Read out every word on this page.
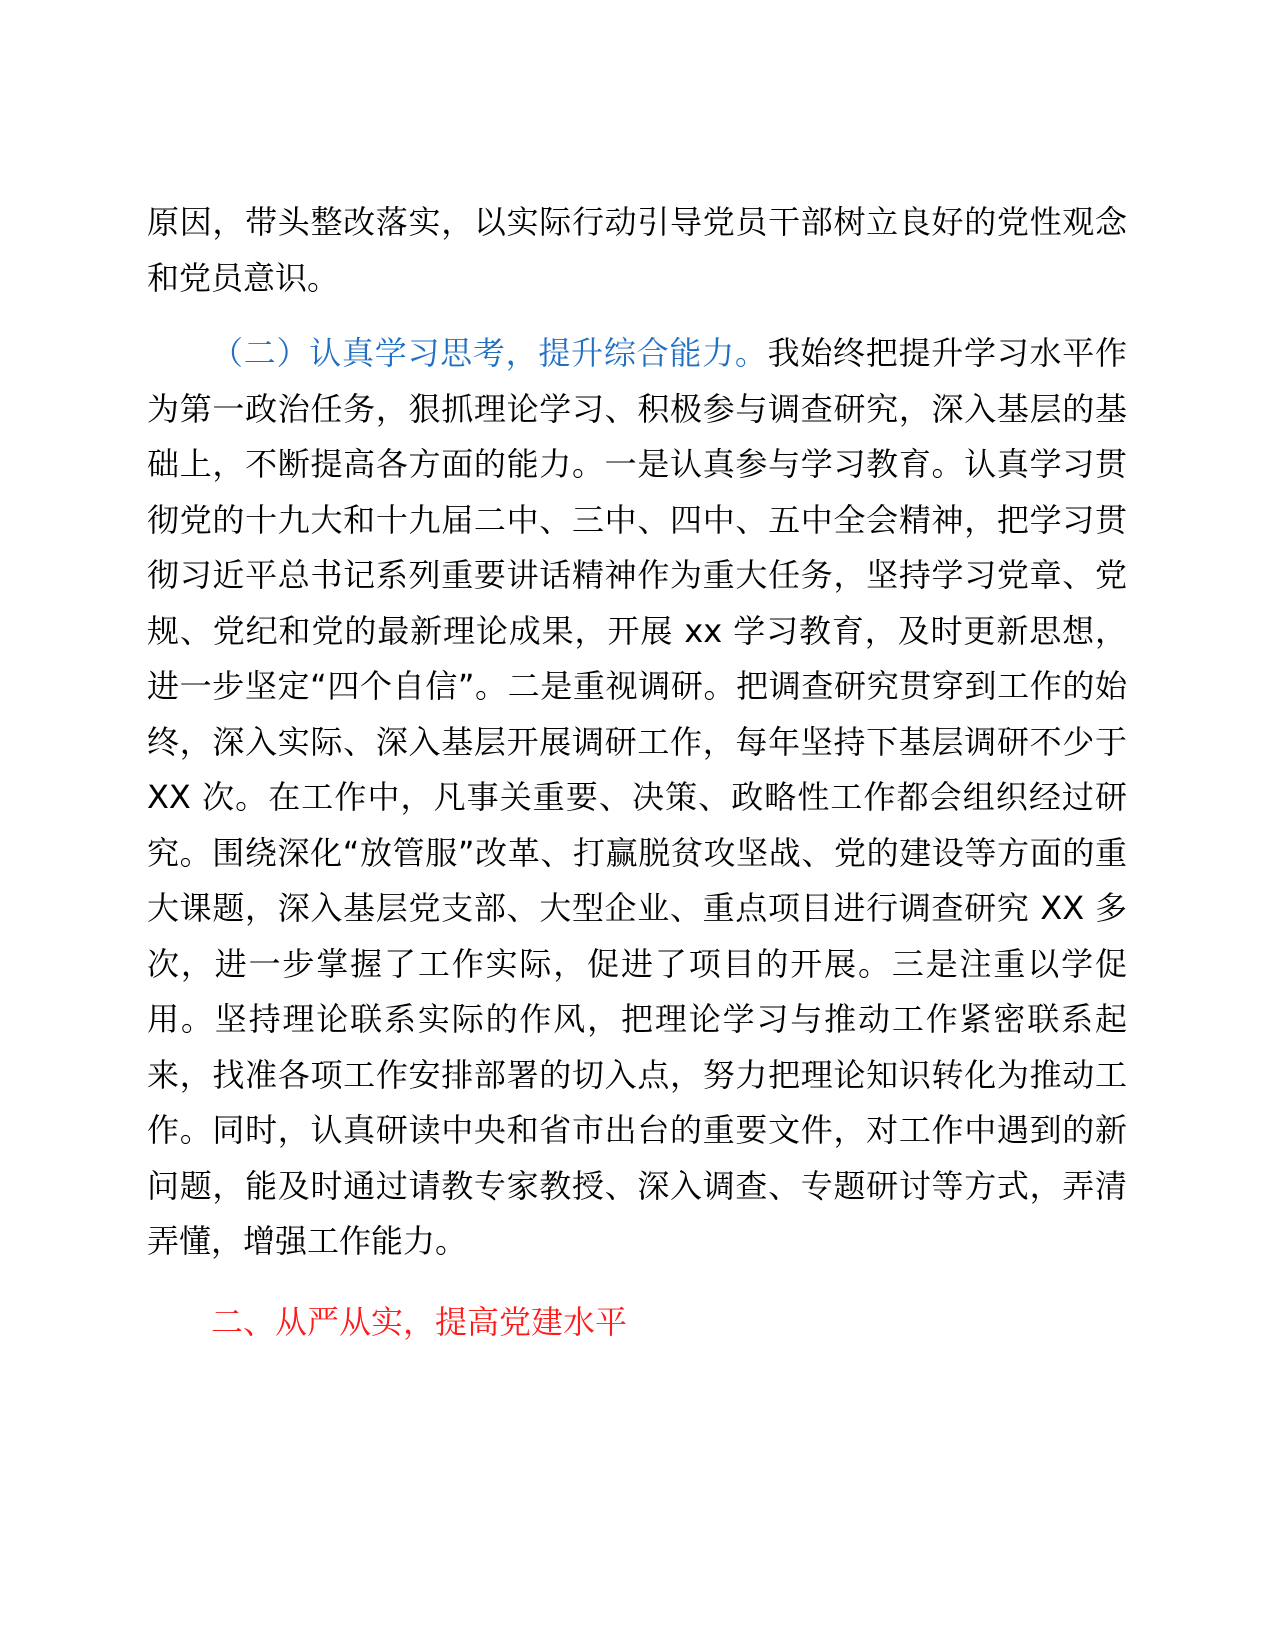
原因，带头整改落实，以实际行动引导党员干部树立良好的党性观念和党员意识。

（二）认真学习思考，提升综合能力。我始终把提升学习水平作为第一政治任务，狠抓理论学习、积极参与调查研究，深入基层的基础上，不断提高各方面的能力。一是认真参与学习教育。认真学习贯彻党的十九大和十九届二中、三中、四中、五中全会精神，把学习贯彻习近平总书记系列重要讲话精神作为重大任务，坚持学习党章、党规、党纪和党的最新理论成果，开展 xx 学习教育，及时更新思想，进一步坚定“四个自信”。二是重视调研。把调查研究贯穿到工作的始终，深入实际、深入基层开展调研工作，每年坚持下基层调研不少于 XX 次。在工作中，凡事关重要、决策、政略性工作都会组织经过研究。围绕深化“放管服”改革、打赢脱贫攻坚战、党的建设等方面的重大课题，深入基层党支部、大型企业、重点项目进行调查研究 XX 多次，进一步掌握了工作实际，促进了项目的开展。三是注重以学促用。坚持理论联系实际的作风，把理论学习与推动工作紧密联系起来，找准各项工作安排部署的切入点，努力把理论知识转化为推动工作。同时，认真研读中央和省市出台的重要文件，对工作中遇到的新问题，能及时通过请教专家教授、深入调查、专题研讨等方式，弄清弄懂，增强工作能力。

二、从严从实，提高党建水平
